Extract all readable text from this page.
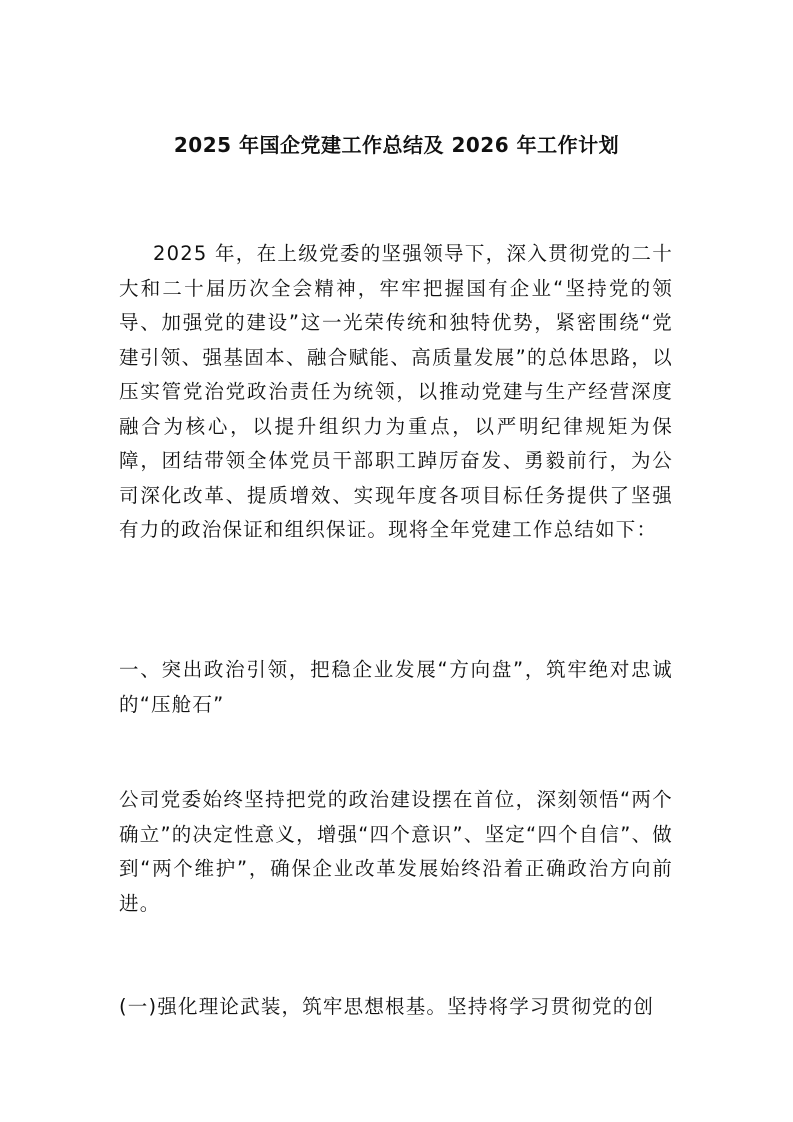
2025 年国企党建工作总结及 2026 年工作计划

2025 年，在上级党委的坚强领导下，深入贯彻党的二十大和二十届历次全会精神，牢牢把握国有企业“坚持党的领导、加强党的建设”这一光荣传统和独特优势，紧密围绕“党建引领、强基固本、融合赋能、高质量发展”的总体思路，以压实管党治党政治责任为统领，以推动党建与生产经营深度融合为核心，以提升组织力为重点，以严明纪律规矩为保障，团结带领全体党员干部职工踔厉奋发、勇毅前行，为公司深化改革、提质增效、实现年度各项目标任务提供了坚强有力的政治保证和组织保证。现将全年党建工作总结如下：

一、突出政治引领，把稳企业发展“方向盘”，筑牢绝对忠诚的“压舱石”

公司党委始终坚持把党的政治建设摆在首位，深刻领悟“两个确立”的决定性意义，增强“四个意识”、坚定“四个自信”、做到“两个维护”，确保企业改革发展始终沿着正确政治方向前进。

(一)强化理论武装，筑牢思想根基。坚持将学习贯彻党的创
